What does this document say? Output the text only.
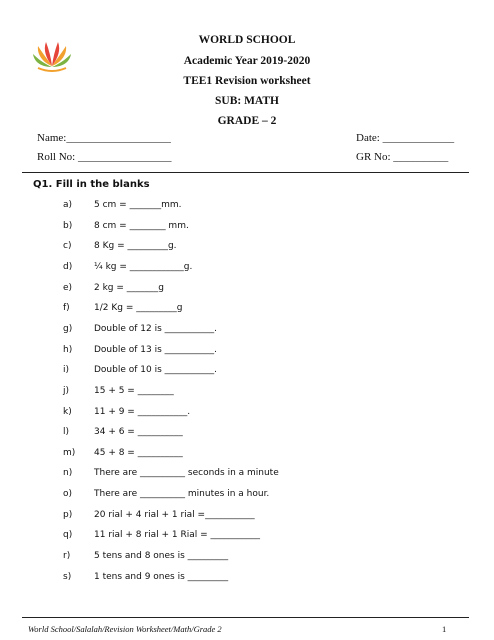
WORLD SCHOOL
Academic Year 2019-2020
TEE1 Revision worksheet
SUB: MATH
GRADE – 2
Name:___________________	Date: _____________
Roll No: _________________	GR No: __________
Q1. Fill in the blanks
a) 5 cm = _______mm.
b) 8 cm = ________ mm.
c)	8 Kg = _________g.
d) ¼ kg = ____________g.
e) 2 kg = _______g
f)	1/2 Kg = _________g
g) Double of 12 is ___________.
h) Double of 13 is ___________.
i)	Double of 10 is ___________.
j)	15 + 5 = ________
k) 11 + 9 = ___________.
l)	34 + 6 = __________
m) 45 + 8 = __________
n) There are __________ seconds in a minute
o) There are __________ minutes in a hour.
p) 20 rial + 4 rial + 1 rial =___________
q) 11 rial + 8 rial + 1 Rial = ___________
r)	5 tens and 8 ones is _________
s)	1 tens and 9 ones is _________
World School/Salalah/Revision Worksheet/Math/Grade 2	1
